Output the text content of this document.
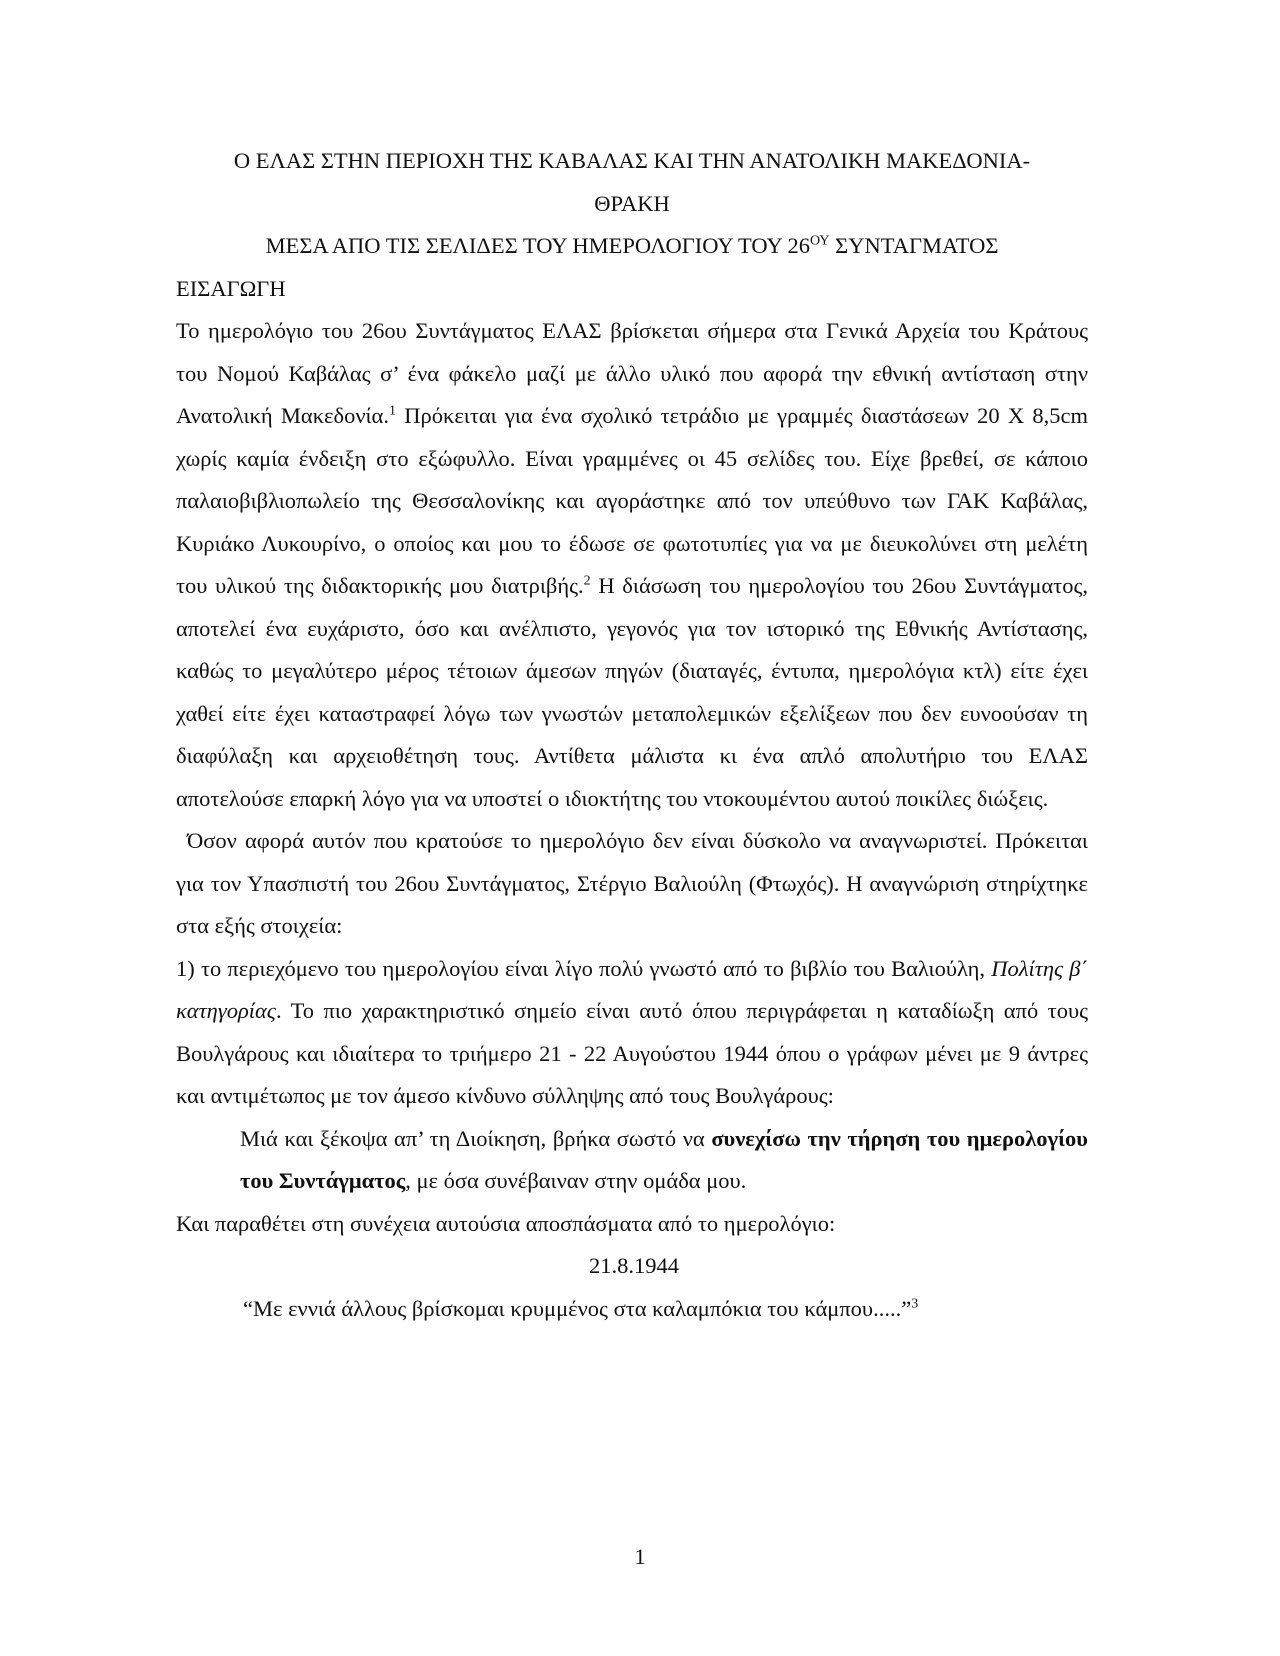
Ο ΕΛΑΣ ΣΤΗΝ ΠΕΡΙΟΧΗ ΤΗΣ ΚΑΒΑΛΑΣ ΚΑΙ ΤΗΝ ΑΝΑΤΟΛΙΚΗ ΜΑΚΕΔΟΝΙΑ-
ΘΡΑΚΗ

ΜΕΣΑ ΑΠΟ ΤΙΣ ΣΕΛΙΔΕΣ ΤΟΥ ΗΜΕΡΟΛΟΓΙΟΥ ΤΟΥ $26^{O\Upsilon}$ ΣΥΝΤΑΓΜΑΤΟΣ

ΕΙΣΑΓΩΓΗ

Το ημερολόγιο του 26ου Συντάγματος ΕΛΑΣ βρίσκεται σήμερα στα Γενικά Αρχεία του Κράτους του Νομού Καβάλας σ’ ένα φάκελο μαζί με άλλο υλικό που αφορά την εθνική αντίσταση στην Ανατολική Μακεδονία.$^1$ Πρόκειται για ένα σχολικό τετράδιο με γραμμές διαστάσεων 20 Χ 8,5cm χωρίς καμία ένδειξη στο εξώφυλλο. Είναι γραμμένες οι 45 σελίδες του. Είχε βρεθεί, σε κάποιο παλαιοβιβλιοπωλείο της Θεσσαλονίκης και αγοράστηκε από τον υπεύθυνο των ΓΑΚ Καβάλας, Κυριάκο Λυκουρίνο, ο οποίος και μου το έδωσε σε φωτοτυπίες για να με διευκολύνει στη μελέτη του υλικού της διδακτορικής μου διατριβής.$^2$ Η διάσωση του ημερολογίου του 26ου Συντάγματος, αποτελεί ένα ευχάριστο, όσο και ανέλπιστο, γεγονός για τον ιστορικό της Εθνικής Αντίστασης, καθώς το μεγαλύτερο μέρος τέτοιων άμεσων πηγών (διαταγές, έντυπα, ημερολόγια κτλ) είτε έχει χαθεί είτε έχει καταστραφεί λόγω των γνωστών μεταπολεμικών εξελίξεων που δεν ευνοούσαν τη διαφύλαξη και αρχειοθέτηση τους. Αντίθετα μάλιστα κι ένα απλό απολυτήριο του ΕΛΑΣ αποτελούσε επαρκή λόγο για να υποστεί ο ιδιοκτήτης του ντοκουμέντου αυτού ποικίλες διώξεις.

Όσον αφορά αυτόν που κρατούσε το ημερολόγιο δεν είναι δύσκολο να αναγνωριστεί. Πρόκειται για τον Υπασπιστή του 26ου Συντάγματος, Στέργιο Βαλιούλη (Φτωχός). Η αναγνώριση στηρίχτηκε στα εξής στοιχεία:

1) το περιεχόμενο του ημερολογίου είναι λίγο πολύ γνωστό από το βιβλίο του Βαλιούλη, Πολίτης β΄ κατηγορίας. Το πιο χαρακτηριστικό σημείο είναι αυτό όπου περιγράφεται η καταδίωξη από τους Βουλγάρους και ιδιαίτερα το τριήμερο 21 - 22 Αυγούστου 1944 όπου ο γράφων μένει με 9 άντρες και αντιμέτωπος με τον άμεσο κίνδυνο σύλληψης από τους Βουλγάρους:

Μιά και ξέκοψα απ’ τη Διοίκηση, βρήκα σωστό να συνεχίσω την τήρηση του ημερολογίου του Συντάγματος, με όσα συνέβαιναν στην ομάδα μου.

Και παραθέτει στη συνέχεια αυτούσια αποσπάσματα από το ημερολόγιο:

21.8.1944

“Με εννιά άλλους βρίσκομαι κρυμμένος στα καλαμπόκια του κάμπου.....”$^3$

1
